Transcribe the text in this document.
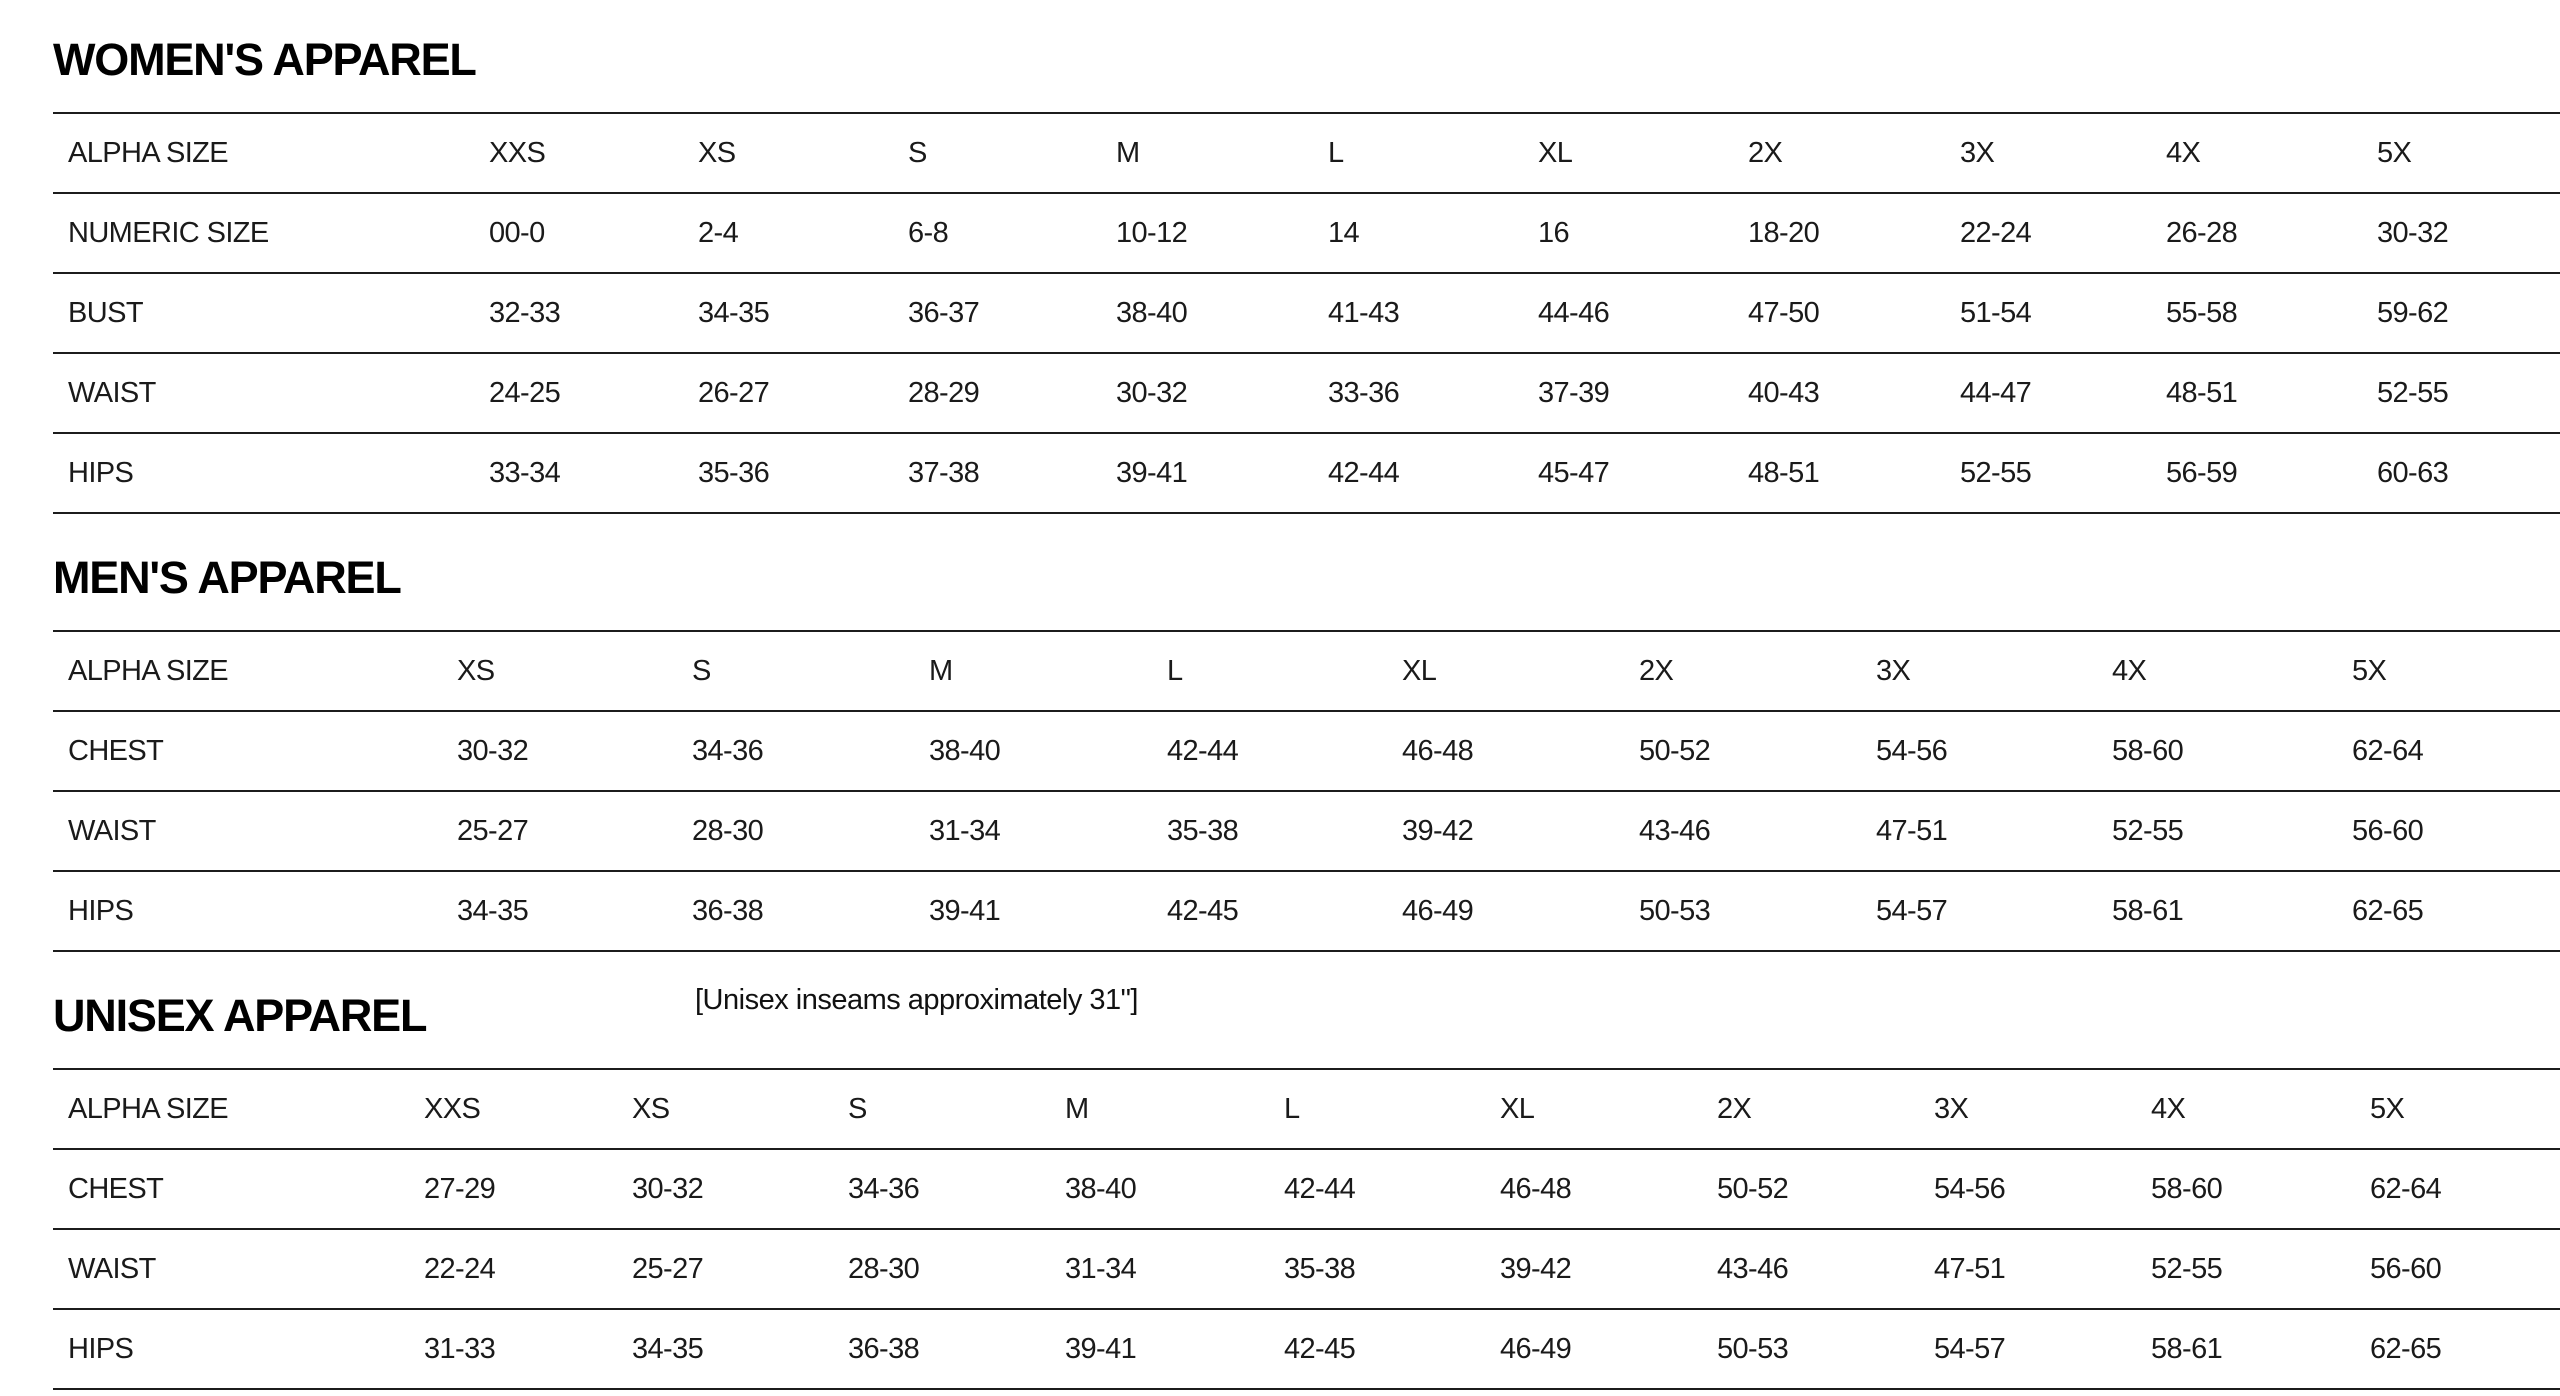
WOMEN'S APPAREL
ALPHA SIZE	XXS	XS	S	M	L	XL	2X	3X	4X	5X
NUMERIC SIZE	00-0	2-4	6-8	10-12	14	16	18-20	22-24	26-28	30-32
BUST	32-33	34-35	36-37	38-40	41-43	44-46	47-50	51-54	55-58	59-62
WAIST	24-25	26-27	28-29	30-32	33-36	37-39	40-43	44-47	48-51	52-55
HIPS	33-34	35-36	37-38	39-41	42-44	45-47	48-51	52-55	56-59	60-63
MEN'S APPAREL
ALPHA SIZE	XS	S	M	L	XL	2X	3X	4X	5X
CHEST	30-32	34-36	38-40	42-44	46-48	50-52	54-56	58-60	62-64
WAIST	25-27	28-30	31-34	35-38	39-42	43-46	47-51	52-55	56-60
HIPS	34-35	36-38	39-41	42-45	46-49	50-53	54-57	58-61	62-65
UNISEX APPAREL	[Unisex inseams approximately 31"]
ALPHA SIZE	XXS	XS	S	M	L	XL	2X	3X	4X	5X
CHEST	27-29	30-32	34-36	38-40	42-44	46-48	50-52	54-56	58-60	62-64
WAIST	22-24	25-27	28-30	31-34	35-38	39-42	43-46	47-51	52-55	56-60
HIPS	31-33	34-35	36-38	39-41	42-45	46-49	50-53	54-57	58-61	62-65
